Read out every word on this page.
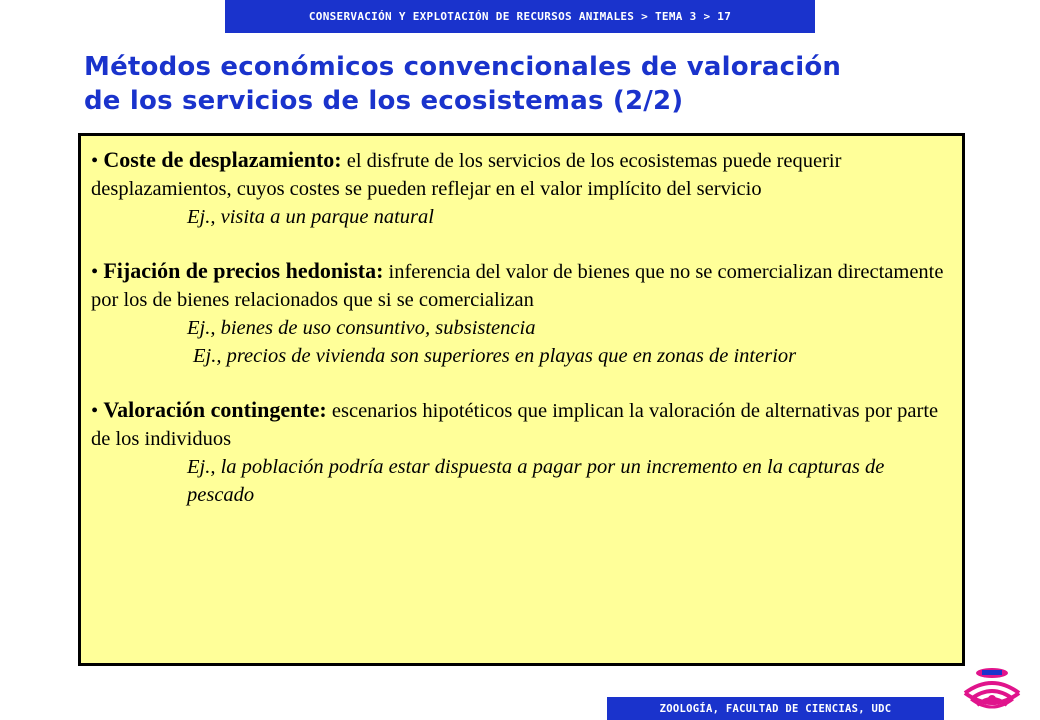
CONSERVACIÓN Y EXPLOTACIÓN DE RECURSOS ANIMALES > TEMA 3 > 17
Métodos económicos convencionales de valoración
de los servicios de los ecosistemas (2/2)

• Coste de desplazamiento: el disfrute de los servicios de los ecosistemas puede requerir desplazamientos, cuyos costes se pueden reflejar en el valor implícito del servicio
Ej., visita a un parque natural

• Fijación de precios hedonista: inferencia del valor de bienes que no se comercializan directamente por los de bienes relacionados que si se comercializan
Ej., bienes de uso consuntivo, subsistencia
Ej., precios de vivienda son superiores en playas que en zonas de interior

• Valoración contingente: escenarios hipotéticos que implican la valoración de alternativas por parte de los individuos
Ej., la población podría estar dispuesta a pagar por un incremento en la capturas de pescado

ZOOLOGÍA, FACULTAD DE CIENCIAS, UDC
